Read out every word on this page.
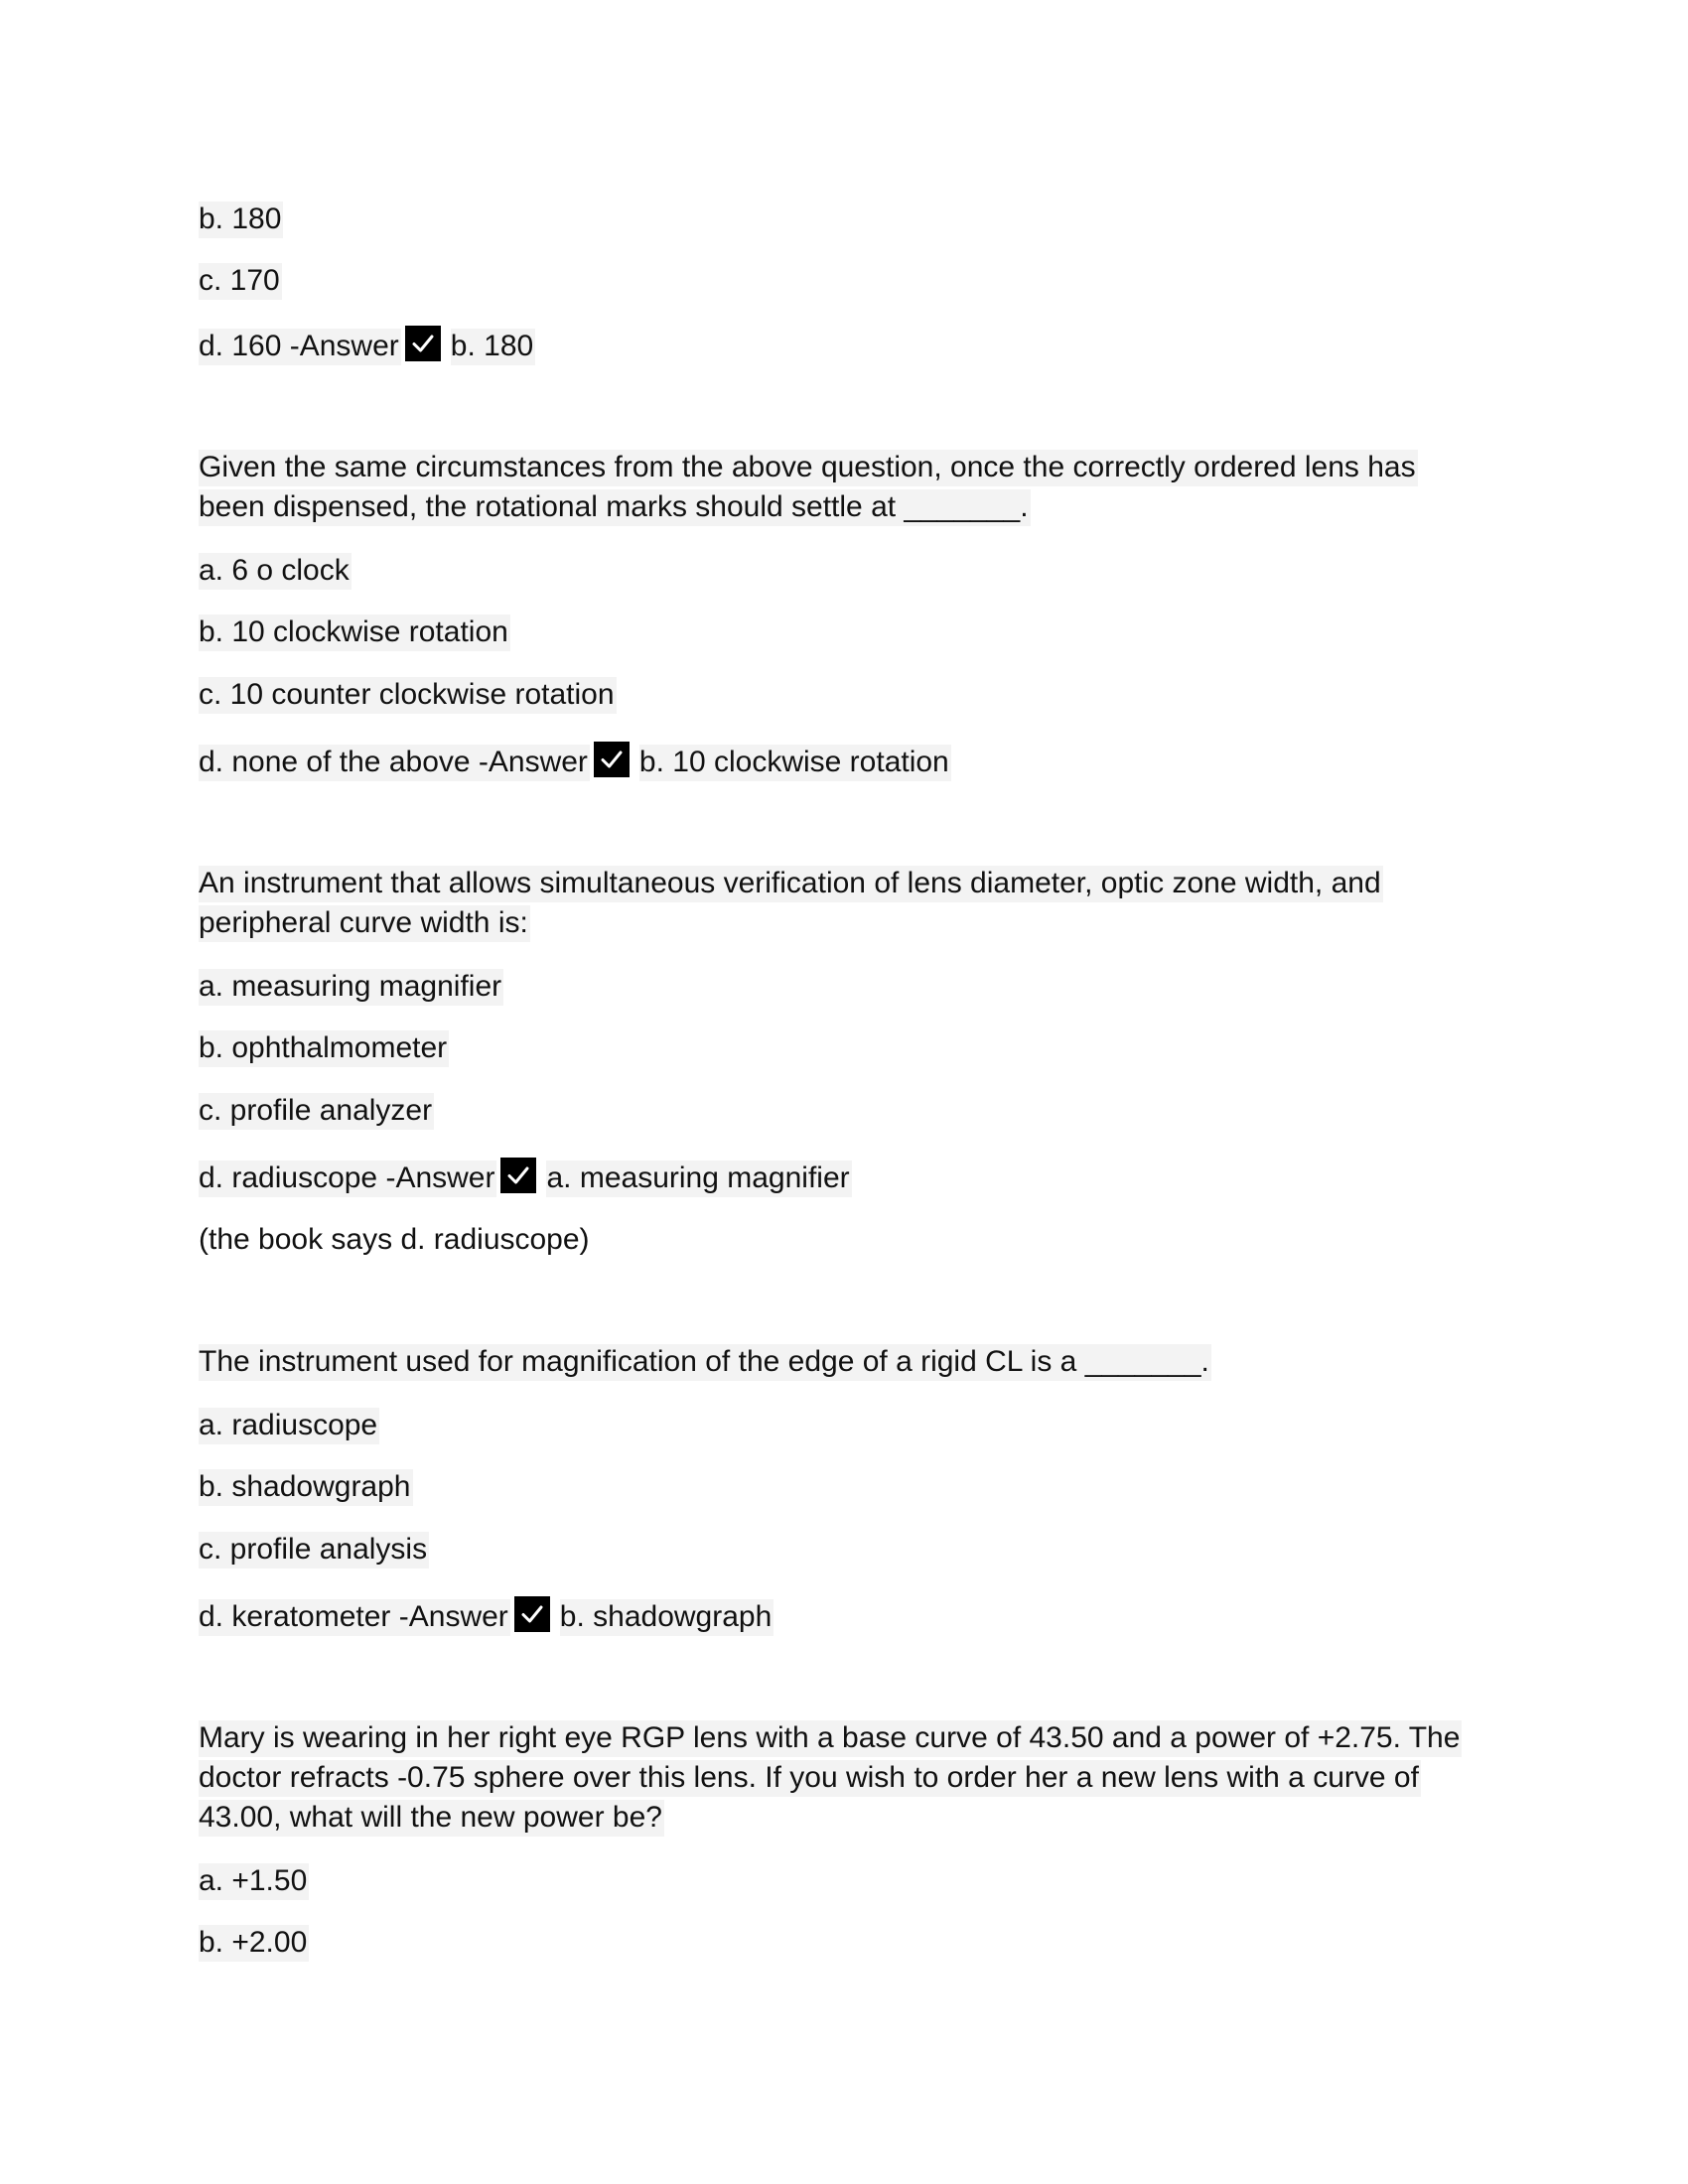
b. 180
c. 170
d. 160 -Answer b. 180
Given the same circumstances from the above question, once the correctly ordered lens has
been dispensed, the rotational marks should settle at _______.
a. 6 o clock
b. 10 clockwise rotation
c. 10 counter clockwise rotation
d. none of the above -Answer b. 10 clockwise rotation
An instrument that allows simultaneous verification of lens diameter, optic zone width, and
peripheral curve width is:
a. measuring magnifier
b. ophthalmometer
c. profile analyzer
d. radiuscope -Answer a. measuring magnifier
(the book says d. radiuscope)
The instrument used for magnification of the edge of a rigid CL is a _______.
a. radiuscope
b. shadowgraph
c. profile analysis
d. keratometer -Answer b. shadowgraph
Mary is wearing in her right eye RGP lens with a base curve of 43.50 and a power of +2.75. The
doctor refracts -0.75 sphere over this lens. If you wish to order her a new lens with a curve of
43.00, what will the new power be?
a. +1.50
b. +2.00
